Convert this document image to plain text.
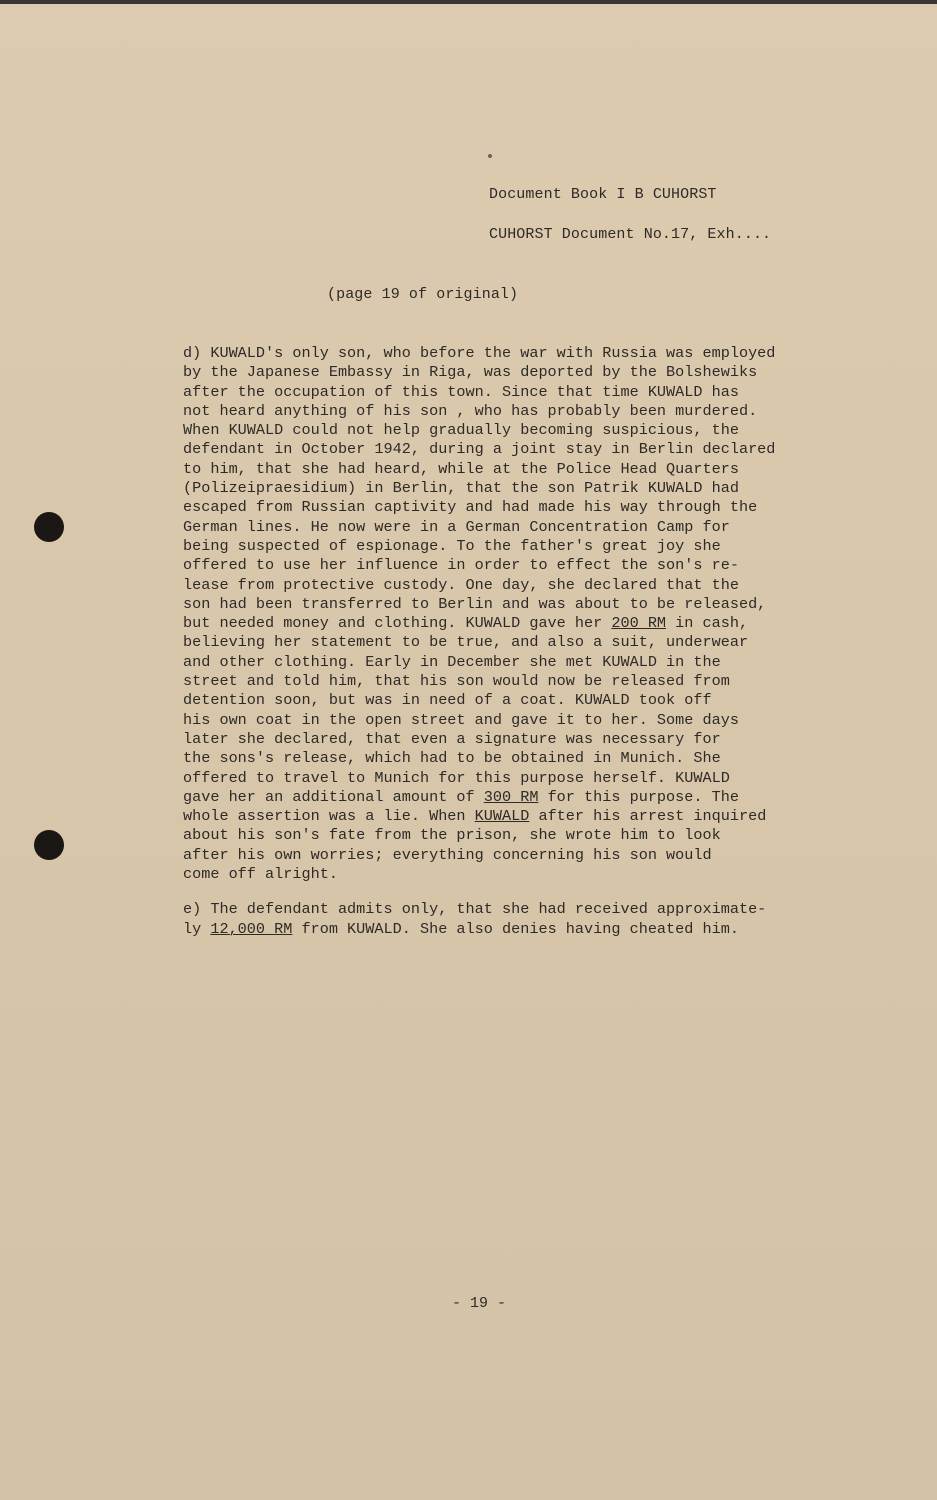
Document Book I B CUHORST
CUHORST Document No.17, Exh....
(page 19 of original)
d) KUWALD's only son, who before the war with Russia was employed
by the Japanese Embassy in Riga, was deported by the Bolshewiks
after the occupation of this town. Since that time KUWALD has
not heard anything of his son , who has probably been murdered.
When KUWALD could not help gradually becoming suspicious, the
defendant in October 1942, during a joint stay in Berlin declared
to him, that she had heard, while at the Police Head Quarters
(Polizeipraesidium) in Berlin, that the son Patrik KUWALD had
escaped from Russian captivity and had made his way through the
German lines. He now were in a German Concentration Camp for
being suspected of espionage. To the father's great joy she
offered to use her influence in order to effect the son's re-
lease from protective custody. One day, she declared that the
son had been transferred to Berlin and was about to be released,
but needed money and clothing. KUWALD gave her 200 RM in cash,
believing her statement to be true, and also a suit, underwear
and other clothing. Early in December she met KUWALD in the
street and told him, that his son would now be released from
detention soon, but was in need of a coat. KUWALD took off
his own coat in the open street and gave it to her. Some days
later she declared, that even a signature was necessary for
the sons's release, which had to be obtained in Munich. She
offered to travel to Munich for this purpose herself. KUWALD
gave her an additional amount of 300 RM for this purpose. The
whole assertion was a lie. When KUWALD after his arrest inquired
about his son's fate from the prison, she wrote him to look
after his own worries; everything concerning his son would
come off alright.
e) The defendant admits only, that she had received approximate-
ly 12,000 RM from KUWALD. She also denies having cheated him.
- 19 -
